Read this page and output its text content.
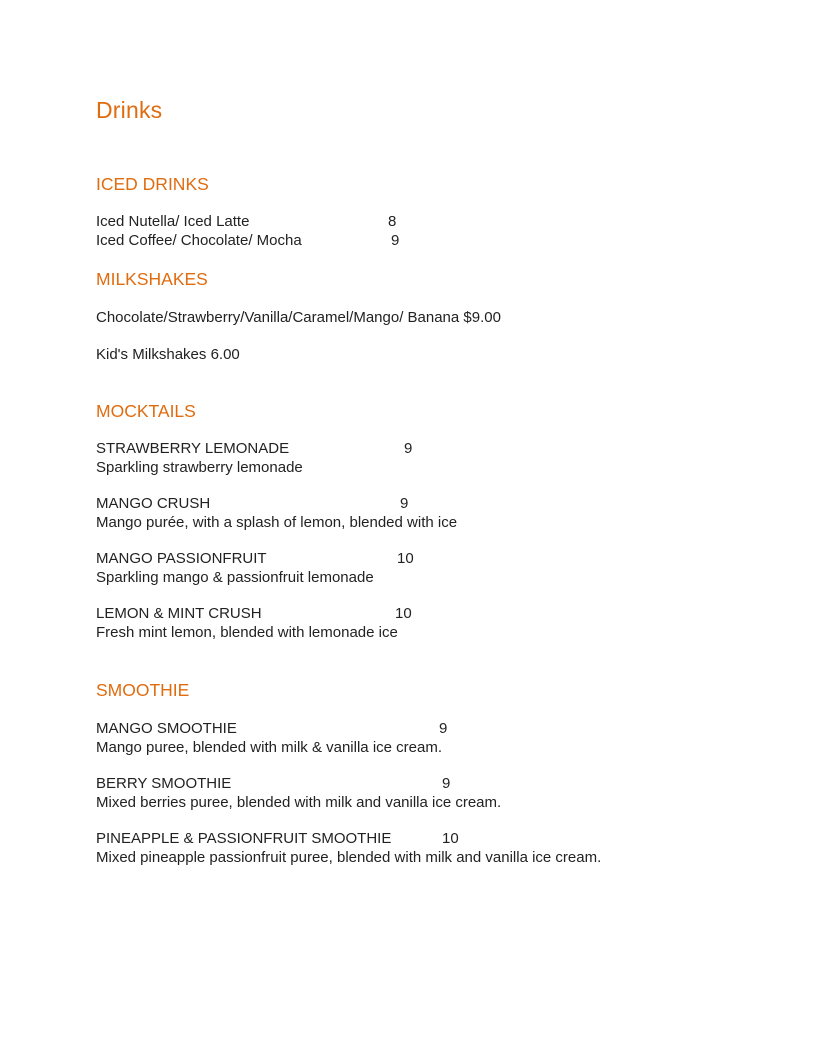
Drinks
ICED DRINKS
Iced Nutella/ Iced Latte	8
Iced Coffee/ Chocolate/ Mocha	9
MILKSHAKES
Chocolate/Strawberry/Vanilla/Caramel/Mango/ Banana $9.00
Kid's Milkshakes 6.00
MOCKTAILS
STRAWBERRY LEMONADE	9
Sparkling strawberry lemonade
MANGO CRUSH	9
Mango purée, with a splash of lemon, blended with ice
MANGO PASSIONFRUIT	10
Sparkling mango & passionfruit lemonade
LEMON & MINT CRUSH	10
Fresh mint lemon, blended with lemonade ice
SMOOTHIE
MANGO SMOOTHIE	9
Mango puree, blended with milk & vanilla ice cream.
BERRY SMOOTHIE	9
Mixed berries puree, blended with milk and vanilla ice cream.
PINEAPPLE & PASSIONFRUIT SMOOTHIE	10
Mixed pineapple passionfruit puree, blended with milk and vanilla ice cream.
